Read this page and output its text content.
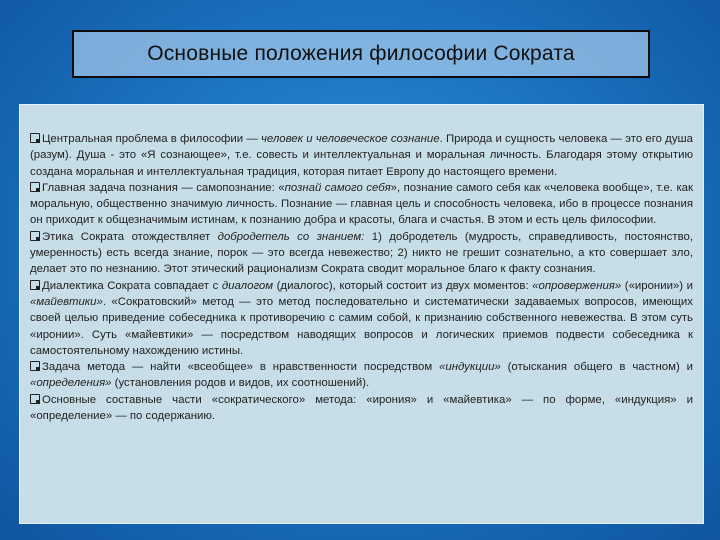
Основные положения философии Сократа

Центральная проблема в философии — человек и человеческое сознание. Природа и сущность человека — это его душа (разум). Душа - это «Я сознающее», т.е. совесть и интеллектуальная и моральная личность. Благодаря этому открытию создана моральная и интеллектуальная традиция, которая питает Европу до настоящего времени.

Главная задача познания — самопознание: «познай самого себя», познание самого себя как «человека вообще», т.е. как моральную, общественно значимую личность. Познание — главная цель и способность человека, ибо в процессе познания он приходит к общезначимым истинам, к познанию добра и красоты, блага и счастья. В этом и есть цель философии.

Этика Сократа отождествляет добродетель со знанием: 1) добродетель (мудрость, справедливость, постоянство, умеренность) есть всегда знание, порок — это всегда невежество; 2) никто не грешит сознательно, а кто совершает зло, делает это по незнанию. Этот этический рационализм Сократа сводит моральное благо к факту сознания.

Диалектика Сократа совпадает с диалогом (диалогос), который состоит из двух моментов: «опровержения» («иронии») и «майевтики». «Сократовский» метод — это метод последовательно и систематически задаваемых вопросов, имеющих своей целью приведение собеседника к противоречию с самим собой, к признанию собственного невежества. В этом суть «иронии». Суть «майевтики» — посредством наводящих вопросов и логических приемов подвести собеседника к самостоятельному нахождению истины.

Задача метода — найти «всеобщее» в нравственности посредством «индукции» (отыскания общего в частном) и «определения» (установления родов и видов, их соотношений).

Основные составные части «сократического» метода: «ирония» и «майевтика» — по форме, «индукция» и «определение» — по содержанию.
